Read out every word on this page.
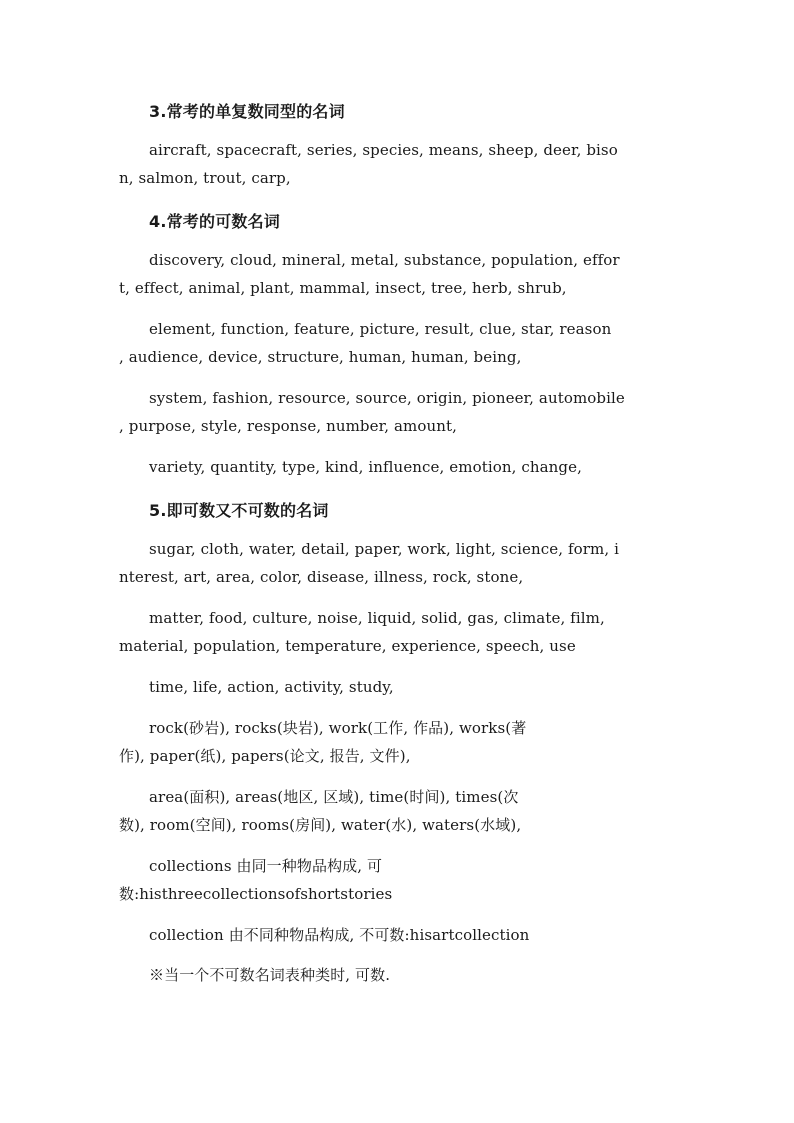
3.常考的单复数同型的名词
aircraft, spacecraft, series, species, means, sheep, deer, biso
n, salmon, trout, carp,
4.常考的可数名词
discovery, cloud, mineral, metal, substance, population, effor
t, effect, animal, plant, mammal, insect, tree, herb, shrub,
element, function, feature, picture, result, clue, star, reason
, audience, device, structure, human, human, being,
system, fashion, resource, source, origin, pioneer, automobile
, purpose, style, response, number, amount,
variety, quantity, type, kind, influence, emotion, change,
5.即可数又不可数的名词
sugar, cloth, water, detail, paper, work, light, science, form, i
nterest, art, area, color, disease, illness, rock, stone,
matter, food, culture, noise, liquid, solid, gas, climate, film,
material, population, temperature, experience, speech, use
time, life, action, activity, study,
rock(砂岩), rocks(块岩), work(工作, 作品), works(著
作), paper(纸), papers(论文, 报告, 文件),
area(面积), areas(地区, 区域), time(时间), times(次
数), room(空间), rooms(房间), water(水), waters(水域),
collections 由同一种物品构成, 可
数:histhreecollectionsofshortstories
collection 由不同种物品构成, 不可数:hisartcollection
※当一个不可数名词表种类时, 可数.
